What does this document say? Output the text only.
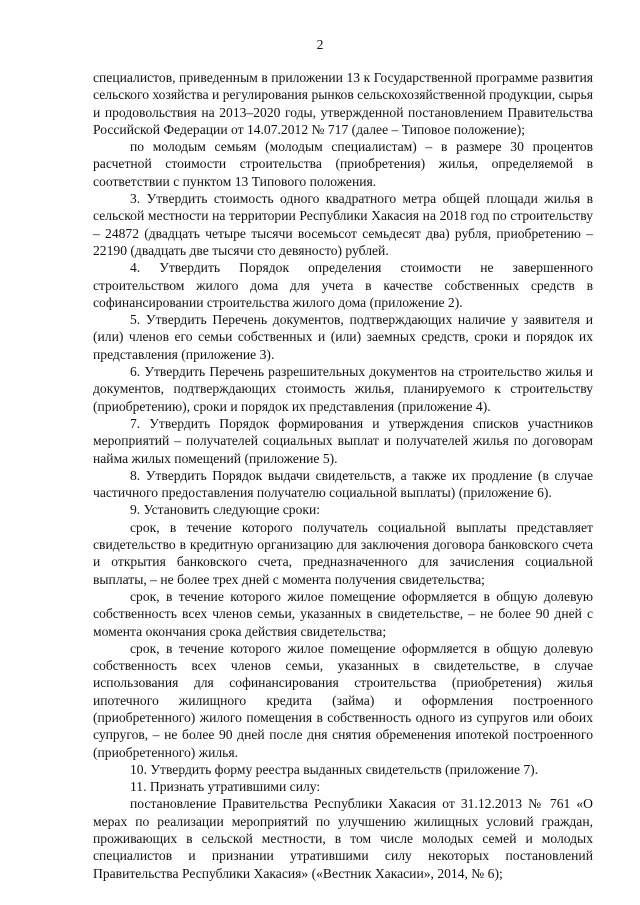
2

специалистов, приведенным в приложении 13 к Государственной программе развития сельского хозяйства и регулирования рынков сельскохозяйственной продукции, сырья и продовольствия на 2013–2020 годы, утвержденной постановлением Правительства Российской Федерации от 14.07.2012 № 717 (далее – Типовое положение);

по молодым семьям (молодым специалистам) – в размере 30 процентов расчетной стоимости строительства (приобретения) жилья, определяемой в соответствии с пунктом 13 Типового положения.

3. Утвердить стоимость одного квадратного метра общей площади жилья в сельской местности на территории Республики Хакасия на 2018 год по строительству – 24872 (двадцать четыре тысячи восемьсот семьдесят два) рубля, приобретению – 22190 (двадцать две тысячи сто девяносто) рублей.

4. Утвердить Порядок определения стоимости не завершенного строительством жилого дома для учета в качестве собственных средств в софинансировании строительства жилого дома (приложение 2).

5. Утвердить Перечень документов, подтверждающих наличие у заявителя и (или) членов его семьи собственных и (или) заемных средств, сроки и порядок их представления (приложение 3).

6. Утвердить Перечень разрешительных документов на строительство жилья и документов, подтверждающих стоимость жилья, планируемого к строительству (приобретению), сроки и порядок их представления (приложение 4).

7. Утвердить Порядок формирования и утверждения списков участников мероприятий – получателей социальных выплат и получателей жилья по договорам найма жилых помещений (приложение 5).

8. Утвердить Порядок выдачи свидетельств, а также их продление (в случае частичного предоставления получателю социальной выплаты) (приложение 6).

9. Установить следующие сроки:

срок, в течение которого получатель социальной выплаты представляет свидетельство в кредитную организацию для заключения договора банковского счета и открытия банковского счета, предназначенного для зачисления социальной выплаты, – не более трех дней с момента получения свидетельства;

срок, в течение которого жилое помещение оформляется в общую долевую собственность всех членов семьи, указанных в свидетельстве, – не более 90 дней с момента окончания срока действия свидетельства;

срок, в течение которого жилое помещение оформляется в общую долевую собственность всех членов семьи, указанных в свидетельстве, в случае использования для софинансирования строительства (приобретения) жилья ипотечного жилищного кредита (займа) и оформления построенного (приобретенного) жилого помещения в собственность одного из супругов или обоих супругов, – не более 90 дней после дня снятия обременения ипотекой построенного (приобретенного) жилья.

10. Утвердить форму реестра выданных свидетельств (приложение 7).

11. Признать утратившими силу:

постановление Правительства Республики Хакасия от 31.12.2013 № 761 «О мерах по реализации мероприятий по улучшению жилищных условий граждан, проживающих в сельской местности, в том числе молодых семей и молодых специалистов и признании утратившими силу некоторых постановлений Правительства Республики Хакасия» («Вестник Хакасии», 2014, № 6);
